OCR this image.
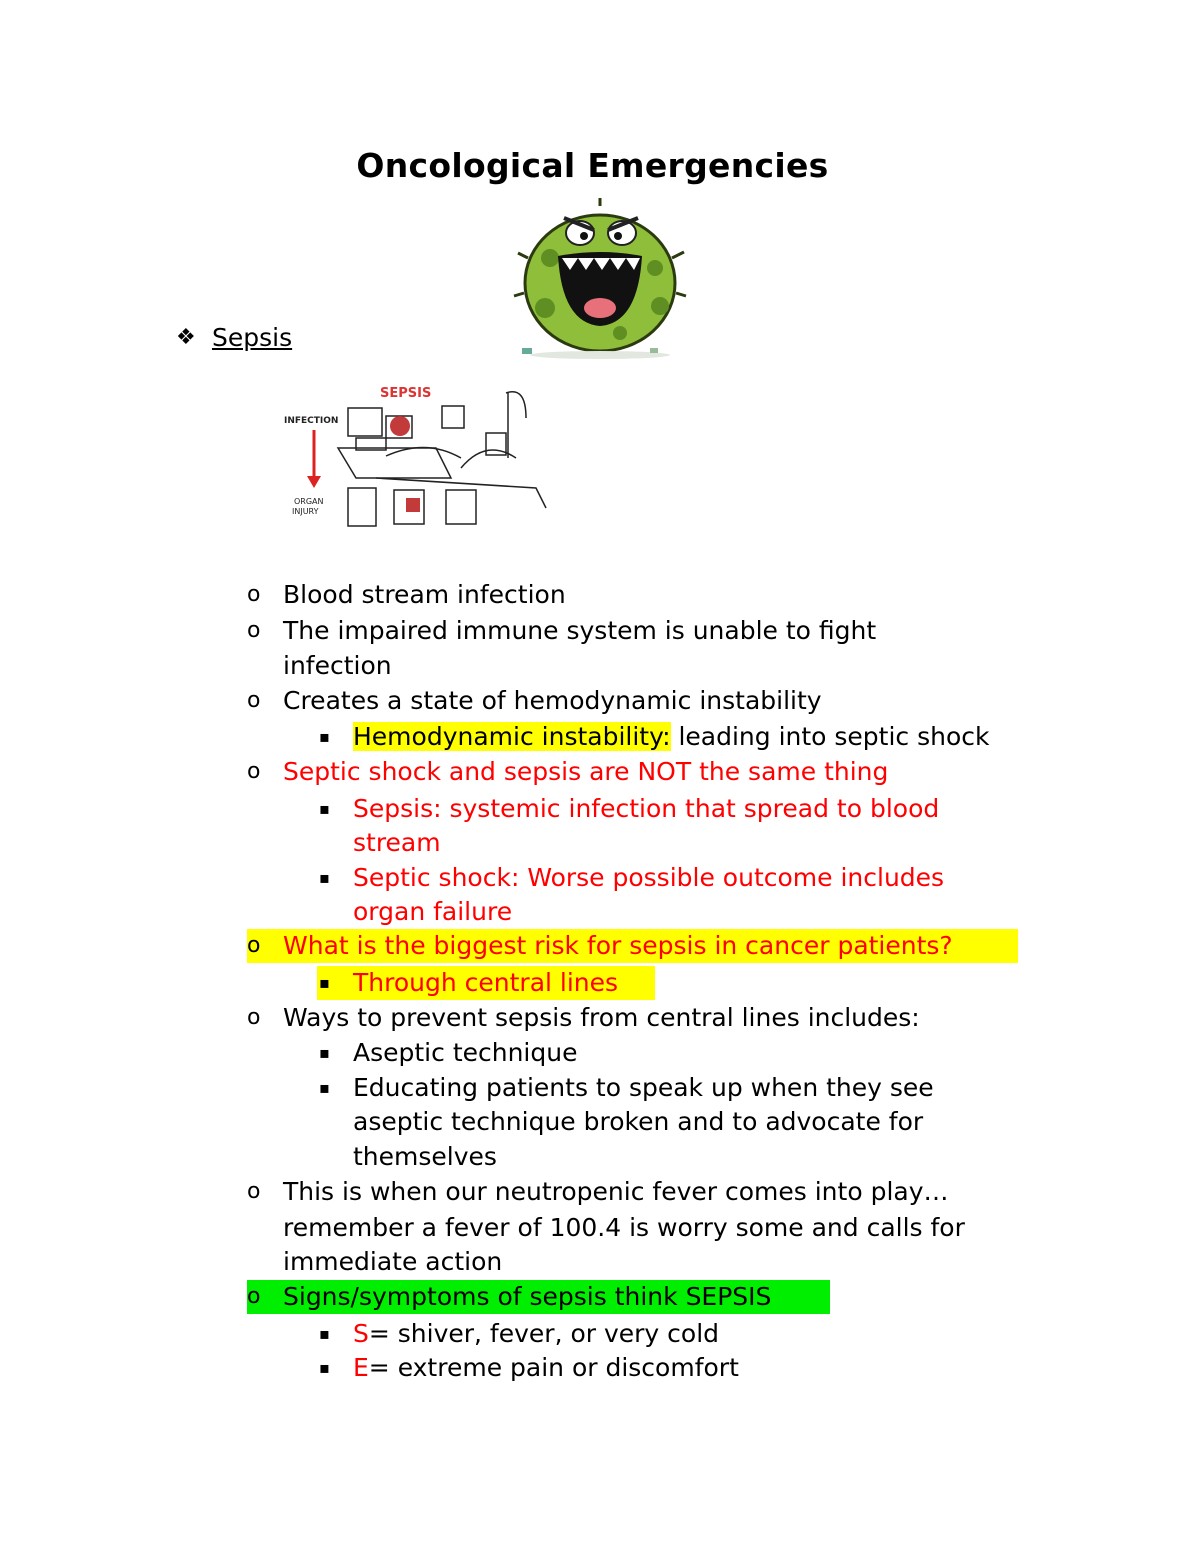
Oncological Emergencies
❖ Sepsis
SEPSIS
INFECTION
ORGAN
INJURY
o Blood stream infection
o The impaired immune system is unable to fight
infection
o Creates a state of hemodynamic instability
▪ Hemodynamic instability: leading into septic shock
o Septic shock and sepsis are NOT the same thing
▪ Sepsis: systemic infection that spread to blood
stream
▪ Septic shock: Worse possible outcome includes
organ failure
o What is the biggest risk for sepsis in cancer patients?
▪ Through central lines
o Ways to prevent sepsis from central lines includes:
▪ Aseptic technique
▪ Educating patients to speak up when they see
aseptic technique broken and to advocate for
themselves
o This is when our neutropenic fever comes into play…
remember a fever of 100.4 is worry some and calls for
immediate action
o Signs/symptoms of sepsis think SEPSIS
▪ S= shiver, fever, or very cold
▪ E= extreme pain or discomfort
